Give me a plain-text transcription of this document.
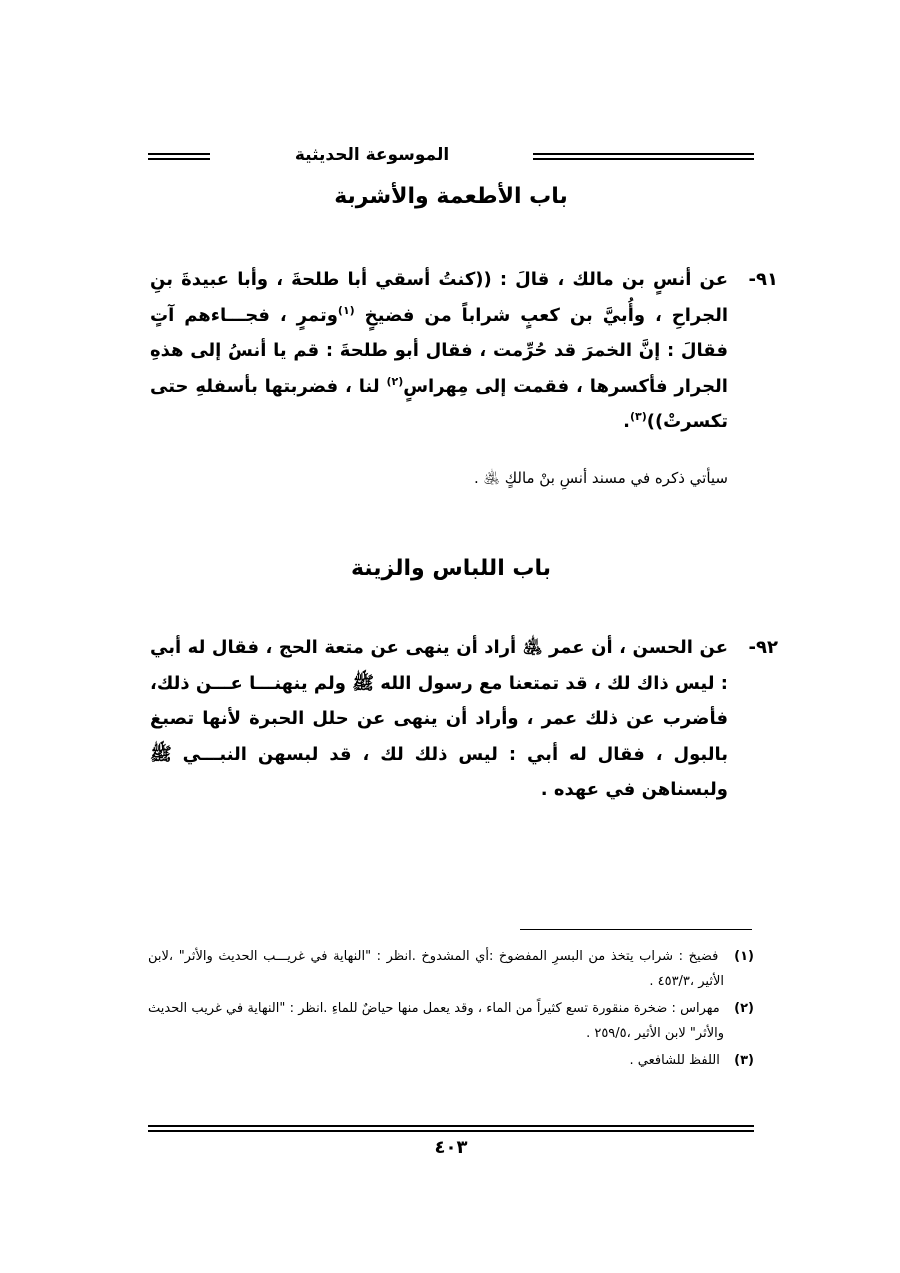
الموسوعة الحديثية
باب الأطعمة والأشربة
٩١-
عن أنسٍ بن مالك ، قالَ : ((كنتُ أسقي أبا طلحةَ ، وأبا عبيدةَ بنِ الجراحِ ، وأُبيَّ بن كعبٍ شراباً من فضيخٍ $^{(١)}$وتمرٍ ، فجـــاءهم آتٍ فقالَ : إنَّ الخمرَ قد حُرِّمت ، فقال أبو طلحةَ : قم يا أنسُ إلى هذهِ الجرار فأكسرها ، فقمت إلى مِهراسٍ$^{(٢)}$ لنا ، فضربتها بأسفلهِ حتى تكسرتْ))$^{(٣)}$.
سيأتي ذكره في مسند أنسِ بنْ مالكٍ ﵁ .
باب اللباس والزينة
٩٢-
عن الحسن ، أن عمر ﵁ أراد أن ينهى عن متعة الحج ، فقال له أبي : ليس ذاك لك ، قد تمتعنا مع رسول الله ﷺ ولم ينهنـــا عـــن ذلك، فأضرب عن ذلك عمر ، وأراد أن ينهى عن حلل الحبرة لأنها تصبغ بالبول ، فقال له أبي : ليس ذلك لك ، قد لبسهن النبـــي ﷺ ولبسناهن في عهده .

(١) فضيخ : شراب يتخذ من البسرِ المفضوخ :أي المشدوخ .انظر : "النهاية في غريـــب الحديث والأثر" ،لابن الأثير ،٤٥٣/٣ .

(٢) مهراس : ضخرة منقورة تسع كثيراً من الماء ، وقد يعمل منها حياضٌ للماءِ .انظر : "النهاية في غريب الحديث والأثر" لابن الأثير ،٢٥٩/٥ .

(٣) اللفظ للشافعي .

٤٠٣
